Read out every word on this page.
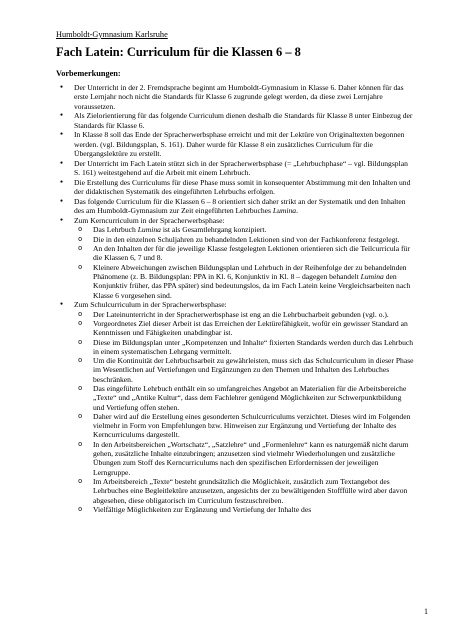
Humboldt-Gymnasium Karlsruhe
Fach Latein: Curriculum für die Klassen 6 – 8
Vorbemerkungen:
● Der Unterricht in der 2. Fremdsprache beginnt am Humboldt-Gymnasium in Klasse 6. Daher können für das erste Lernjahr noch nicht die Standards für Klasse 6 zugrunde gelegt werden, da diese zwei Lernjahre voraussetzen.
● Als Zielorientierung für das folgende Curriculum dienen deshalb die Standards für Klasse 8 unter Einbezug der Standards für Klasse 6.
● In Klasse 8 soll das Ende der Spracherwerbsphase erreicht und mit der Lektüre von Originaltexten begonnen werden. (vgl. Bildungsplan, S. 161). Daher wurde für Klasse 8 ein zusätzliches Curriculum für die Übergangslektüre zu erstellt.
● Der Unterricht im Fach Latein stützt sich in der Spracherwerbsphase (= „Lehrbuchphase“ – vgl. Bildungsplan S. 161) weitestgehend auf die Arbeit mit einem Lehrbuch.
● Die Erstellung des Curriculums für diese Phase muss somit in konsequenter Abstimmung mit den Inhalten und der didaktischen Systematik des eingeführten Lehrbuchs erfolgen.
● Das folgende Curriculum für die Klassen 6 – 8 orientiert sich daher strikt an der Systematik und den Inhalten des am Humboldt-Gymnasium zur Zeit eingeführten Lehrbuches Lumina.
● Zum Kerncurriculum in der Spracherwerbsphase:
o Das Lehrbuch Lumina ist als Gesamtlehrgang konzipiert.
o Die in den einzelnen Schuljahren zu behandelnden Lektionen sind von der Fachkonferenz festgelegt.
o An den Inhalten der für die jeweilige Klasse festgelegten Lektionen orientieren sich die Teilcurricula für die Klassen 6, 7 und 8.
o Kleinere Abweichungen zwischen Bildungsplan und Lehrbuch in der Reihenfolge der zu behandelnden Phänomene (z. B. Bildungsplan: PPA in Kl. 6, Konjunktiv in Kl. 8 – dagegen behandelt Lumina den Konjunktiv früher, das PPA später) sind bedeutungslos, da im Fach Latein keine Vergleichsarbeiten nach Klasse 6 vorgesehen sind.
● Zum Schulcurriculum in der Spracherwerbsphase:
o Der Lateinunterricht in der Spracherwerbsphase ist eng an die Lehrbucharbeit gebunden (vgl. o.).
o Vorgeordnetes Ziel dieser Arbeit ist das Erreichen der Lektürefähigkeit, wofür ein gewisser Standard an Kenntnissen und Fähigkeiten unabdingbar ist.
o Diese im Bildungsplan unter „Kompetenzen und Inhalte“ fixierten Standards werden durch das Lehrbuch in einem systematischen Lehrgang vermittelt.
o Um die Kontinuität der Lehrbuchsarbeit zu gewährleisten, muss sich das Schulcurriculum in dieser Phase im Wesentlichen auf Vertiefungen und Ergänzungen zu den Themen und Inhalten des Lehrbuches beschränken.
o Das eingeführte Lehrbuch enthält ein so umfangreiches Angebot an Materialien für die Arbeitsbereiche „Texte“ und „Antike Kultur“, dass dem Fachlehrer genügend Möglichkeiten zur Schwerpunktbildung und Vertiefung offen stehen.
o Daher wird auf die Erstellung eines gesonderten Schulcurriculums verzichtet. Dieses wird im Folgenden vielmehr in Form von Empfehlungen bzw. Hinweisen zur Ergänzung und Vertiefung der Inhalte des Kerncurriculums dargestellt.
o In den Arbeitsbereichen „Wortschatz“, „Satzlehre“ und „Formenlehre“ kann es naturgemäß nicht darum gehen, zusätzliche Inhalte einzubringen; anzusetzen sind vielmehr Wiederholungen und zusätzliche Übungen zum Stoff des Kerncurriculums nach den spezifischen Erfordernissen der jeweiligen Lerngruppe.
o Im Arbeitsbereich „Texte“ besteht grundsätzlich die Möglichkeit, zusätzlich zum Textangebot des Lehrbuches eine Begleitlektüre anzusetzen, angesichts der zu bewältigenden Stofffülle wird aber davon abgesehen, diese obligatorisch im Curriculum festzuschreiben.
o Vielfältige Möglichkeiten zur Ergänzung und Vertiefung der Inhalte des
1
